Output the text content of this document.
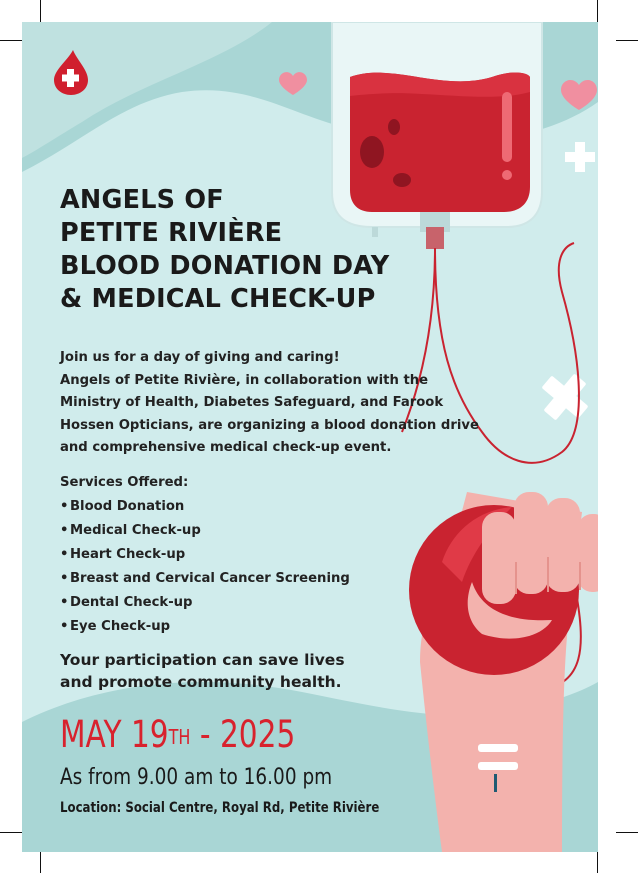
ANGELS OF
PETITE RIVIÈRE
BLOOD DONATION DAY
& MEDICAL CHECK-UP
Join us for a day of giving and caring!
Angels of Petite Rivière, in collaboration with the
Ministry of Health, Diabetes Safeguard, and Farook
Hossen Opticians, are organizing a blood donation drive
and comprehensive medical check-up event.
Services Offered:
• Blood Donation
• Medical Check-up
• Heart Check-up
• Breast and Cervical Cancer Screening
• Dental Check-up
• Eye Check-up
Your participation can save lives
and promote community health.
MAY 19TH - 2025
As from 9.00 am to 16.00 pm
Location: Social Centre, Royal Rd, Petite Rivière
